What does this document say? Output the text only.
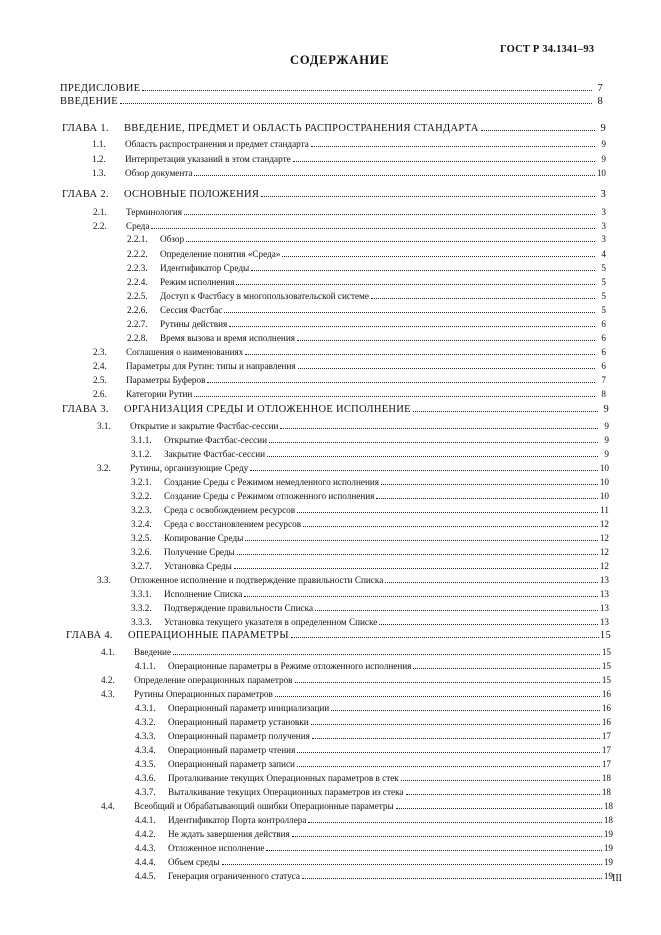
ГОСТ Р 34.1341–93
СОДЕРЖАНИЕ
ПРЕДИСЛОВИЕ	7
ВВЕДЕНИЕ	8
ГЛАВА 1.	ВВЕДЕНИЕ, ПРЕДМЕТ И ОБЛАСТЬ РАСПРОСТРАНЕНИЯ СТАНДАРТА	9
1.1.	Область распространения и предмет стандарта	9
1.2.	Интерпретация указаний в этом стандарте	9
1.3.	Обзор документа	10
ГЛАВА 2.	ОСНОВНЫЕ ПОЛОЖЕНИЯ	3
2.1.	Терминология	3
2.2.	Среда	3
2.2.1.	Обзор	3
2.2.2.	Определение понятия «Среда»	4
2.2.3.	Идентификатор Среды	5
2.2.4.	Режим исполнения	5
2.2.5.	Доступ к Фастбасу в многопользовательской системе	5
2.2.6.	Сессия Фастбас	5
2.2.7.	Рутины действия	6
2.2.8.	Время вызова и время исполнения	6
2.3.	Соглашения о наименованиях	6
2.4.	Параметры для Рутин: типы и направления	6
2.5.	Параметры Буферов	7
2.6.	Категории Рутин	8
ГЛАВА 3.	ОРГАНИЗАЦИЯ СРЕДЫ И ОТЛОЖЕННОЕ ИСПОЛНЕНИЕ	9
3.1.	Открытие и закрытие Фастбас-сессии	9
3.1.1.	Открытие Фастбас-сессии	9
3.1.2.	Закрытие Фастбас-сессии	9
3.2.	Рутины, организующие Среду	10
3.2.1.	Создание Среды с Режимом немедленного исполнения	10
3.2.2.	Создание Среды с Режимом отложенного исполнения	10
3.2.3.	Среда с освобождением ресурсов	11
3.2.4.	Среда с восстановлением ресурсов	12
3.2.5.	Копирование Среды	12
3.2.6.	Получение Среды	12
3.2.7.	Установка Среды	12
3.3.	Отложенное исполнение и подтверждение правильности Списка	13
3.3.1.	Исполнение Списка	13
3.3.2.	Подтверждение правильности Списка	13
3.3.3.	Установка текущего указателя в определенном Списке	13
ГЛАВА 4.	ОПЕРАЦИОННЫЕ ПАРАМЕТРЫ	15
4.1.	Введение	15
4.1.1.	Операционные параметры в Режиме отложенного исполнения	15
4.2.	Определение операционных параметров	15
4.3.	Рутины Операционных параметров	16
4.3.1.	Операционный параметр инициализации	16
4.3.2.	Операционный параметр установки	16
4.3.3.	Операционный параметр получения	17
4.3.4.	Операционный параметр чтения	17
4.3.5.	Операционный параметр записи	17
4.3.6.	Проталкивание текущих Операционных параметров в стек	18
4.3.7.	Выталкивание текущих Операционных параметров из стека	18
4.4.	Всеобщий и Обрабатывающий ошибки Операционные параметры	18
4.4.1.	Идентификатор Порта контроллера	18
4.4.2.	Не ждать завершения действия	19
4.4.3.	Отложенное исполнение	19
4.4.4.	Объем среды	19
4.4.5.	Генерация ограниченного статуса	19 III
